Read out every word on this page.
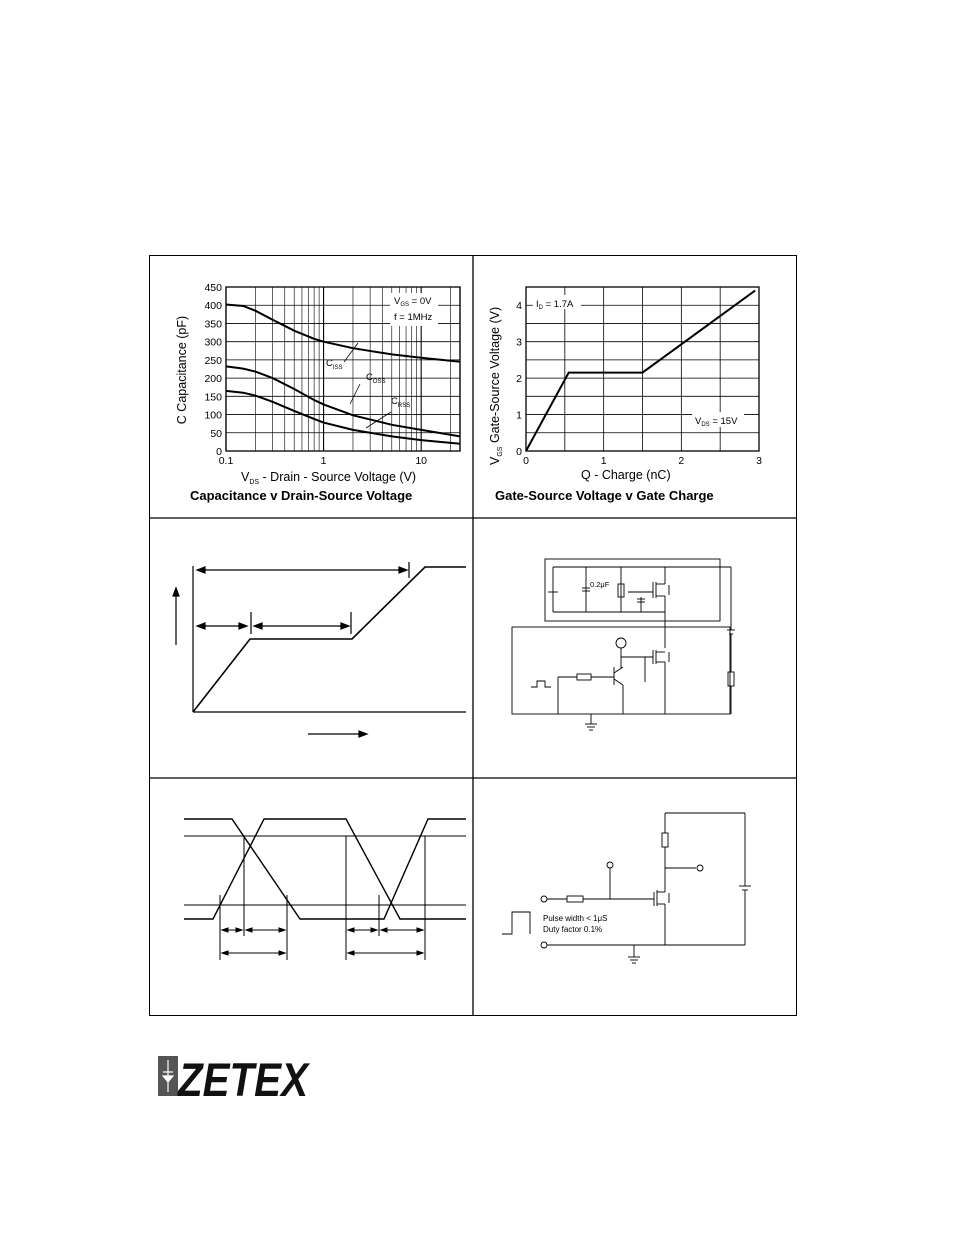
0
50
100
150
200
250
300
350
400
450
0.1	1	10
Capacitance v Drain-Source Voltage
C Capacitance (pF)
$V_{DS}$ - Drain - Source Voltage (V)
$V_{GS} = 0V$
f = 1MHz
$C_{ISS}$
$C_{OSS}$
$C_{RSS}$
0
1
2
3
4
0	1	2	3
Gate-Source Voltage v Gate Charge
$V_{GS}$ Gate-Source Voltage (V)
Q - Charge (nC)
$I_D = 1.7A$
$V_{DS} = 15V$
0.2μF
Pulse width < 1μS
Duty factor 0.1%
ZETEX
